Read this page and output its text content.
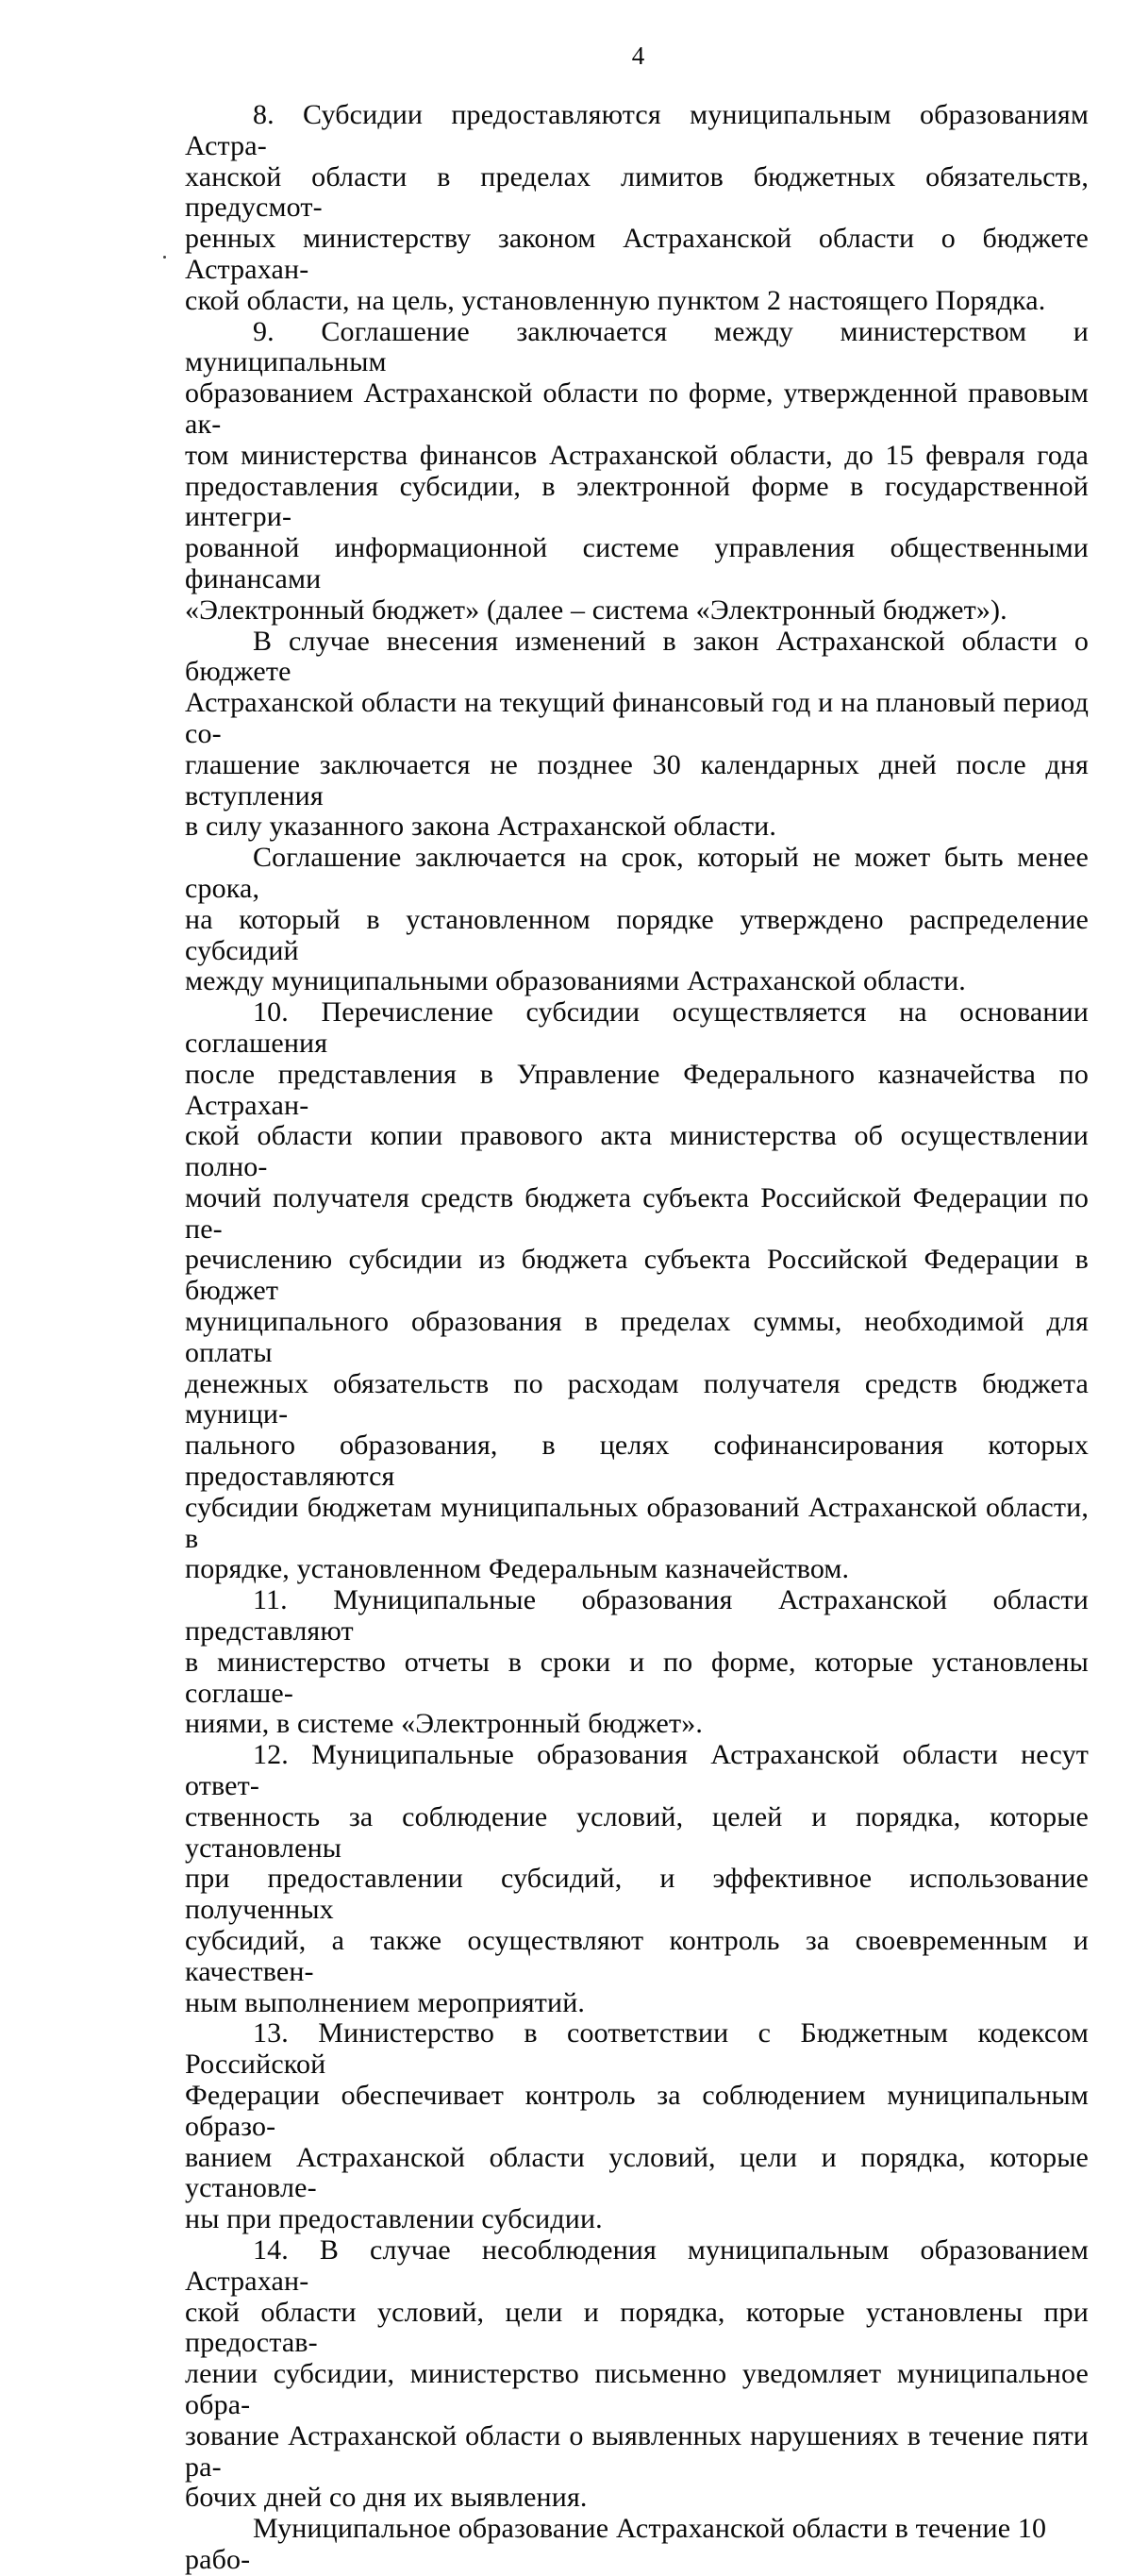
4

8. Субсидии предоставляются муниципальным образованиям Астра-
ханской области в пределах лимитов бюджетных обязательств, предусмот-
ренных министерству законом Астраханской области о бюджете Астрахан-
ской области, на цель, установленную пунктом 2 настоящего Порядка.

9. Соглашение заключается между министерством и муниципальным
образованием Астраханской области по форме, утвержденной правовым ак-
том министерства финансов Астраханской области, до 15 февраля года
предоставления субсидии, в электронной форме в государственной интегри-
рованной информационной системе управления общественными финансами
«Электронный бюджет» (далее – система «Электронный бюджет»).

В случае внесения изменений в закон Астраханской области о бюджете
Астраханской области на текущий финансовый год и на плановый период со-
глашение заключается не позднее 30 календарных дней после дня вступления
в силу указанного закона Астраханской области.

Соглашение заключается на срок, который не может быть менее срока,
на который в установленном порядке утверждено распределение субсидий
между муниципальными образованиями Астраханской области.

10. Перечисление субсидии осуществляется на основании соглашения
после представления в Управление Федерального казначейства по Астрахан-
ской области копии правового акта министерства об осуществлении полно-
мочий получателя средств бюджета субъекта Российской Федерации по пе-
речислению субсидии из бюджета субъекта Российской Федерации в бюджет
муниципального образования в пределах суммы, необходимой для оплаты
денежных обязательств по расходам получателя средств бюджета муници-
пального образования, в целях софинансирования которых предоставляются
субсидии бюджетам муниципальных образований Астраханской области, в
порядке, установленном Федеральным казначейством.

11. Муниципальные образования Астраханской области представляют
в министерство отчеты в сроки и по форме, которые установлены соглаше-
ниями, в системе «Электронный бюджет».

12. Муниципальные образования Астраханской области несут ответ-
ственность за соблюдение условий, целей и порядка, которые установлены
при предоставлении субсидий, и эффективное использование полученных
субсидий, а также осуществляют контроль за своевременным и качествен-
ным выполнением мероприятий.

13. Министерство в соответствии с Бюджетным кодексом Российской
Федерации обеспечивает контроль за соблюдением муниципальным образо-
ванием Астраханской области условий, цели и порядка, которые установле-
ны при предоставлении субсидии.

14. В случае несоблюдения муниципальным образованием Астрахан-
ской области условий, цели и порядка, которые установлены при предостав-
лении субсидии, министерство письменно уведомляет муниципальное обра-
зование Астраханской области о выявленных нарушениях в течение пяти ра-
бочих дней со дня их выявления.

Муниципальное образование Астраханской области в течение 10 рабо-
